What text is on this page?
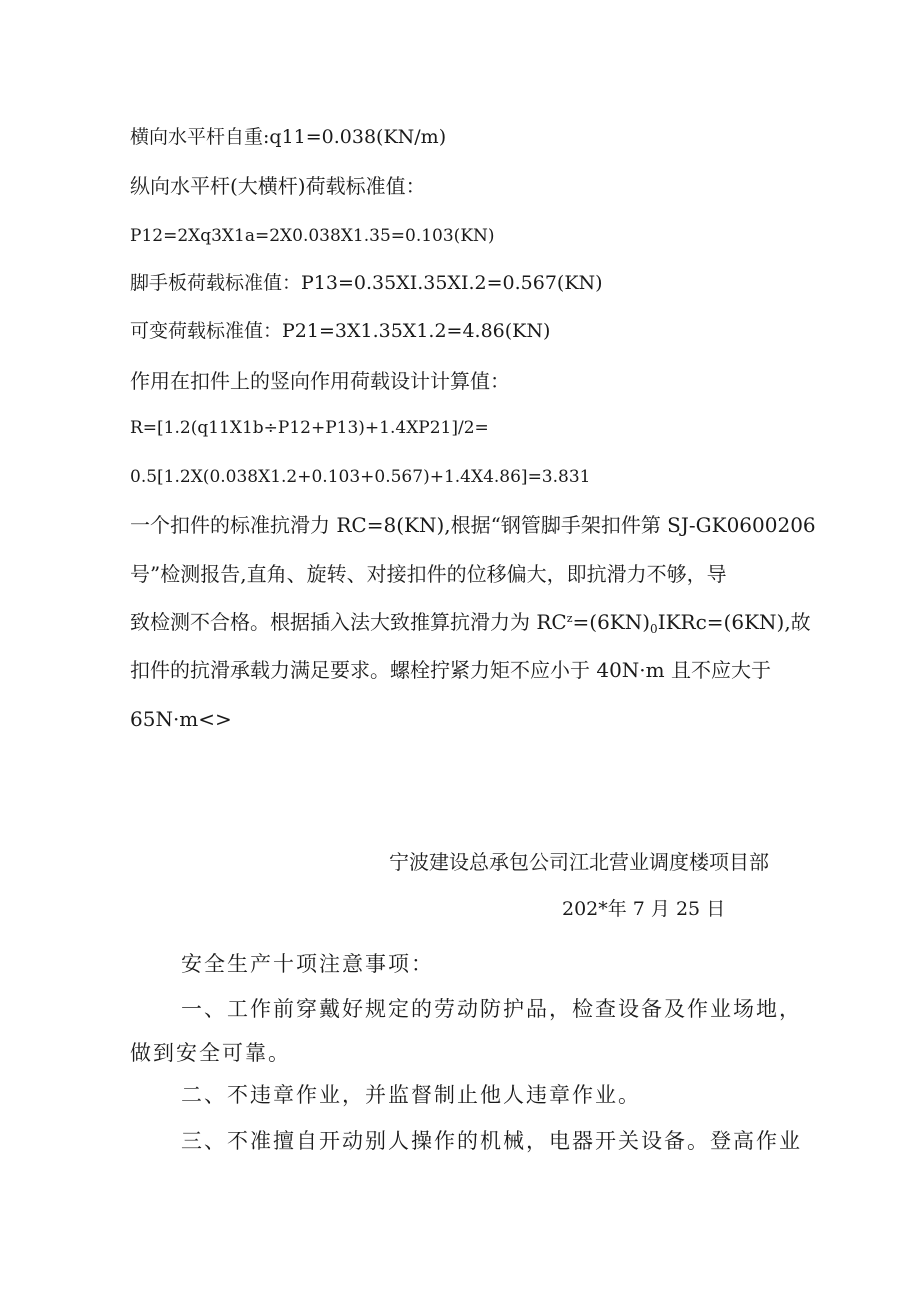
横向水平杆自重:q11=0.038(KN/m)
纵向水平杆(大横杆)荷载标准值：
P12=2Xq3X1a=2X0.038X1.35=0.103(KN)
脚手板荷载标准值：P13=0.35XI.35XI.2=0.567(KN)
可变荷载标准值：P21=3X1.35X1.2=4.86(KN)
作用在扣件上的竖向作用荷载设计计算值：
R=[1.2(q11X1b÷P12+P13)+1.4XP21]/2=
0.5[1.2X(0.038X1.2+0.103+0.567)+1.4X4.86]=3.831
一个扣件的标准抗滑力 RC=8(KN),根据“钢管脚手架扣件第 SJ-GK0600206
号”检测报告,直角、旋转、对接扣件的位移偏大，即抗滑力不够，导
致检测不合格。根据插入法大致推算抗滑力为 $RC^z=(6KN)_0IKRc=(6KN)$,故
扣件的抗滑承载力满足要求。螺栓拧紧力矩不应小于 40N·m 且不应大于
65N·m<>
宁波建设总承包公司江北营业调度楼项目部
202*年 7 月 25 日
安全生产十项注意事项：
一、工作前穿戴好规定的劳动防护品，检查设备及作业场地，
做到安全可靠。
二、不违章作业，并监督制止他人违章作业。
三、不准擅自开动别人操作的机械，电器开关设备。登高作业
